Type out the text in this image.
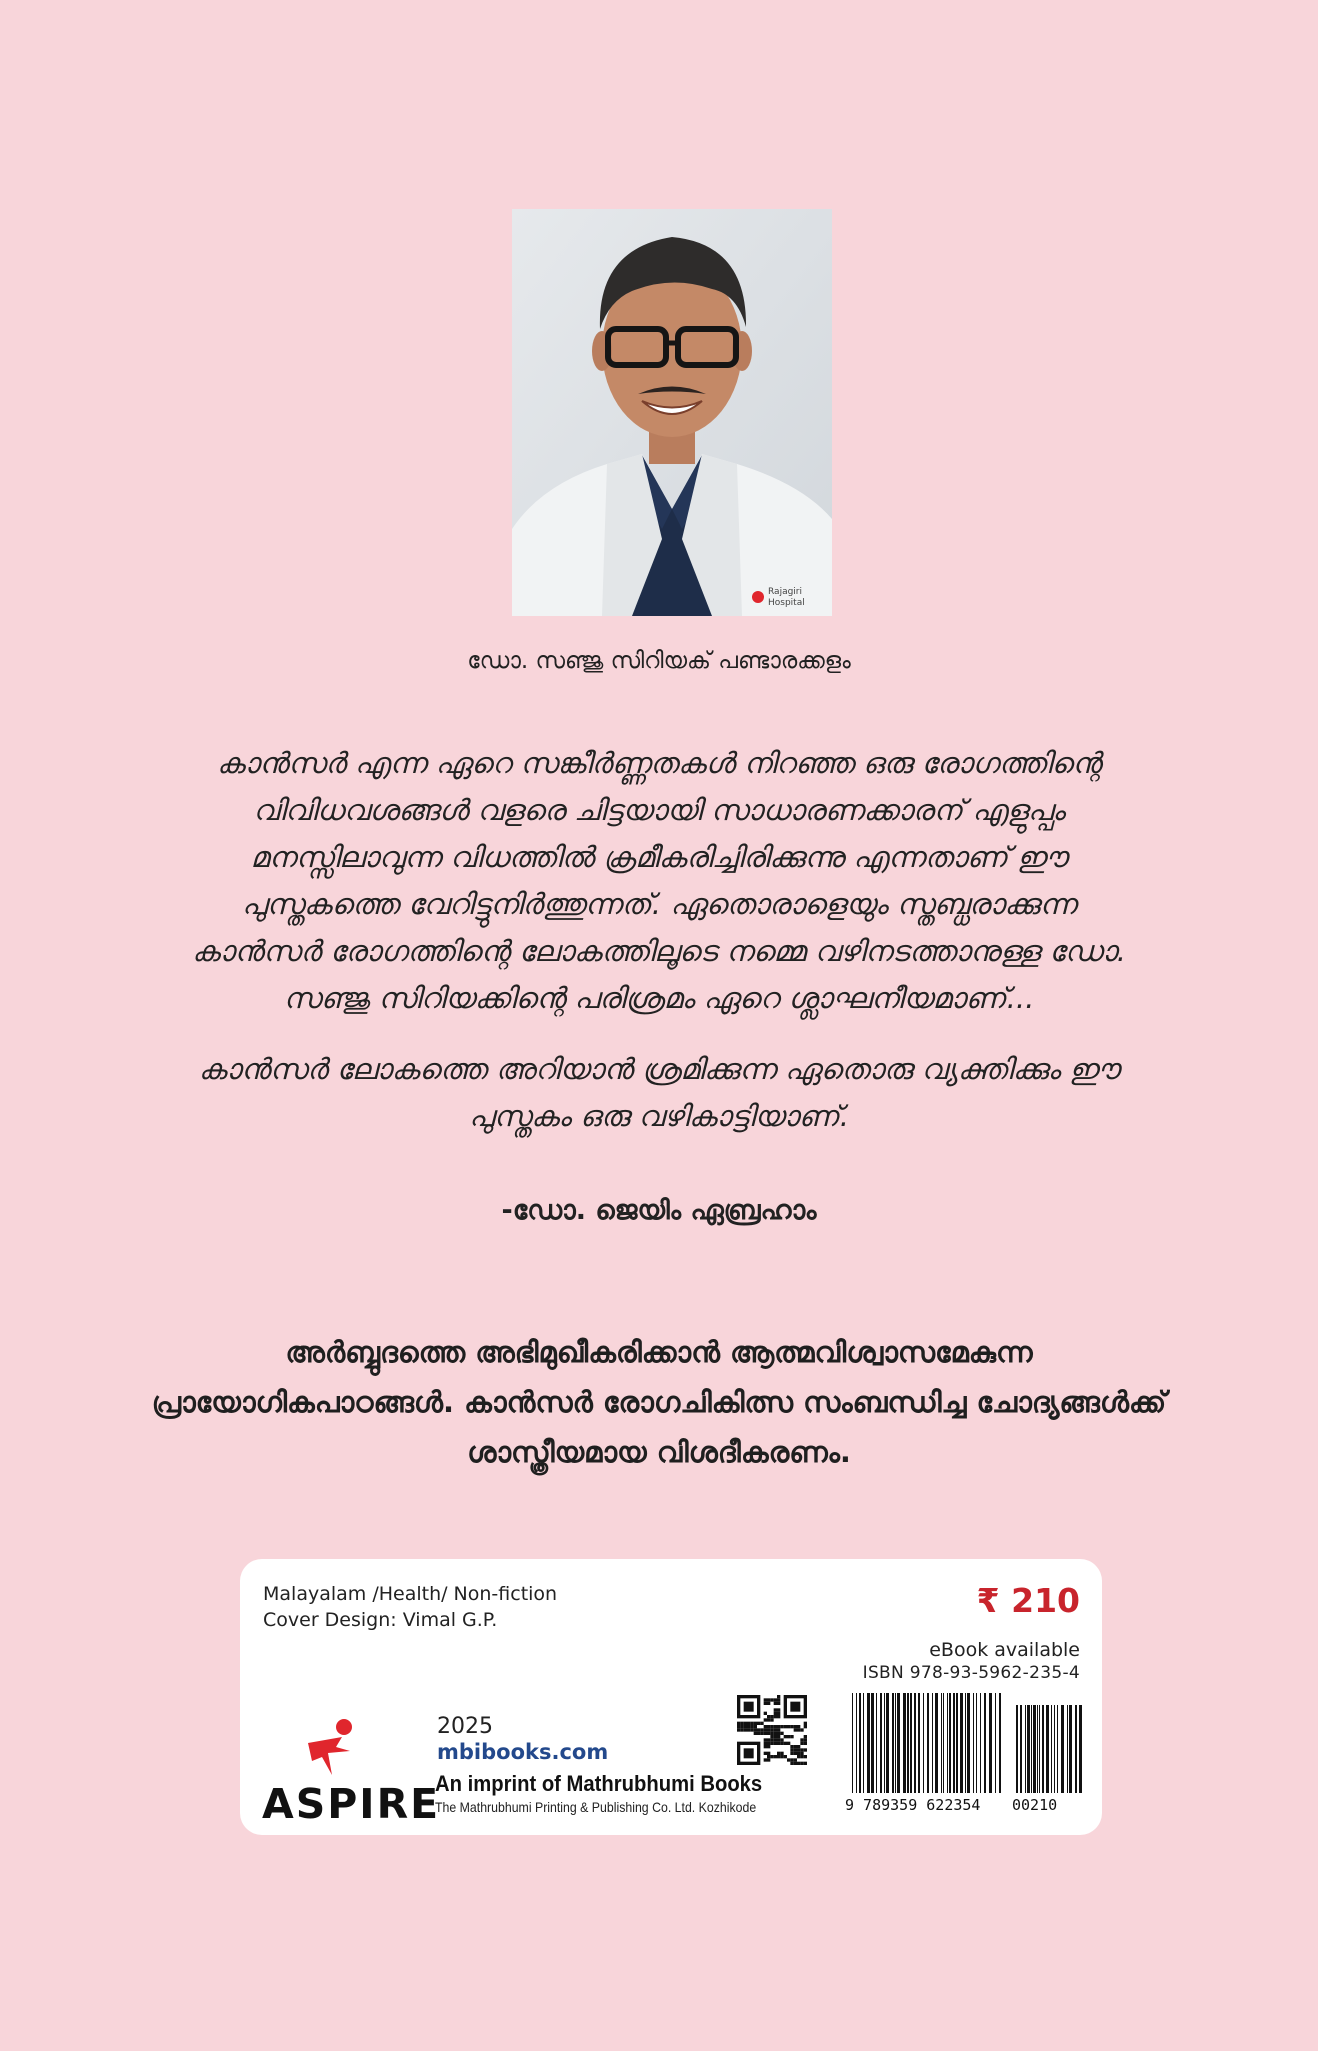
Rajagiri
Hospital
ഡോ. സഞ്ജു സിറിയക് പണ്ടാരക്കളം

കാൻസർ എന്ന ഏറെ സങ്കീർണ്ണതകൾ നിറഞ്ഞ ഒരു രോഗത്തിന്റെ വിവിധവശങ്ങൾ വളരെ ചിട്ടയായി സാധാരണക്കാരന് എളുപ്പം മനസ്സിലാവുന്ന വിധത്തിൽ ക്രമീകരിച്ചിരിക്കുന്നു എന്നതാണ് ഈ പുസ്തകത്തെ വേറിട്ടുനിർത്തുന്നത്. ഏതൊരാളെയും സ്തബ്ധരാക്കുന്ന കാൻസർ രോഗത്തിന്റെ ലോകത്തിലൂടെ നമ്മെ വഴിനടത്താനുള്ള ഡോ. സഞ്ജു സിറിയക്കിന്റെ പരിശ്രമം ഏറെ ശ്ലാഘനീയമാണ്...

കാൻസർ ലോകത്തെ അറിയാൻ ശ്രമിക്കുന്ന ഏതൊരു വ്യക്തിക്കും ഈ പുസ്തകം ഒരു വഴികാട്ടിയാണ്.

-ഡോ. ജെയിം ഏബ്രഹാം
അർബ്ബുദത്തെ അഭിമുഖീകരിക്കാൻ ആത്മവിശ്വാസമേകുന്ന പ്രായോഗികപാഠങ്ങൾ. കാൻസർ രോഗചികിത്സ സംബന്ധിച്ച ചോദ്യങ്ങൾക്ക് ശാസ്ത്രീയമായ വിശദീകരണം.
Malayalam /Health/ Non-fiction
Cover Design: Vimal G.P.	₹ 210
eBook available
ISBN 978-93-5962-235-4
ASPIRE
2025
mbibooks.com
An imprint of Mathrubhumi Books
The Mathrubhumi Printing & Publishing Co. Ltd. Kozhikode	9 789359 622354 00210
